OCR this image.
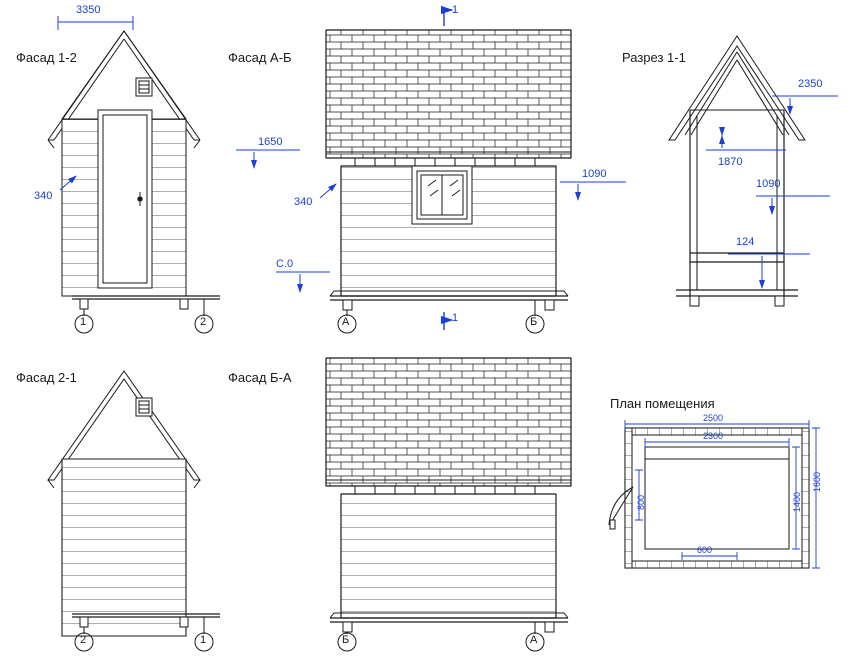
Фасад 1-2
3350
340
1	2
Фасад А-Б
1650
340
1090
С.0
1
1
А	Б
Разрез 1-1
2350
1870
1090
124
Фасад 2-1
2	1
Фасад Б-А
Б	А
План помещения
2500
2300
1600
1400
800
600
